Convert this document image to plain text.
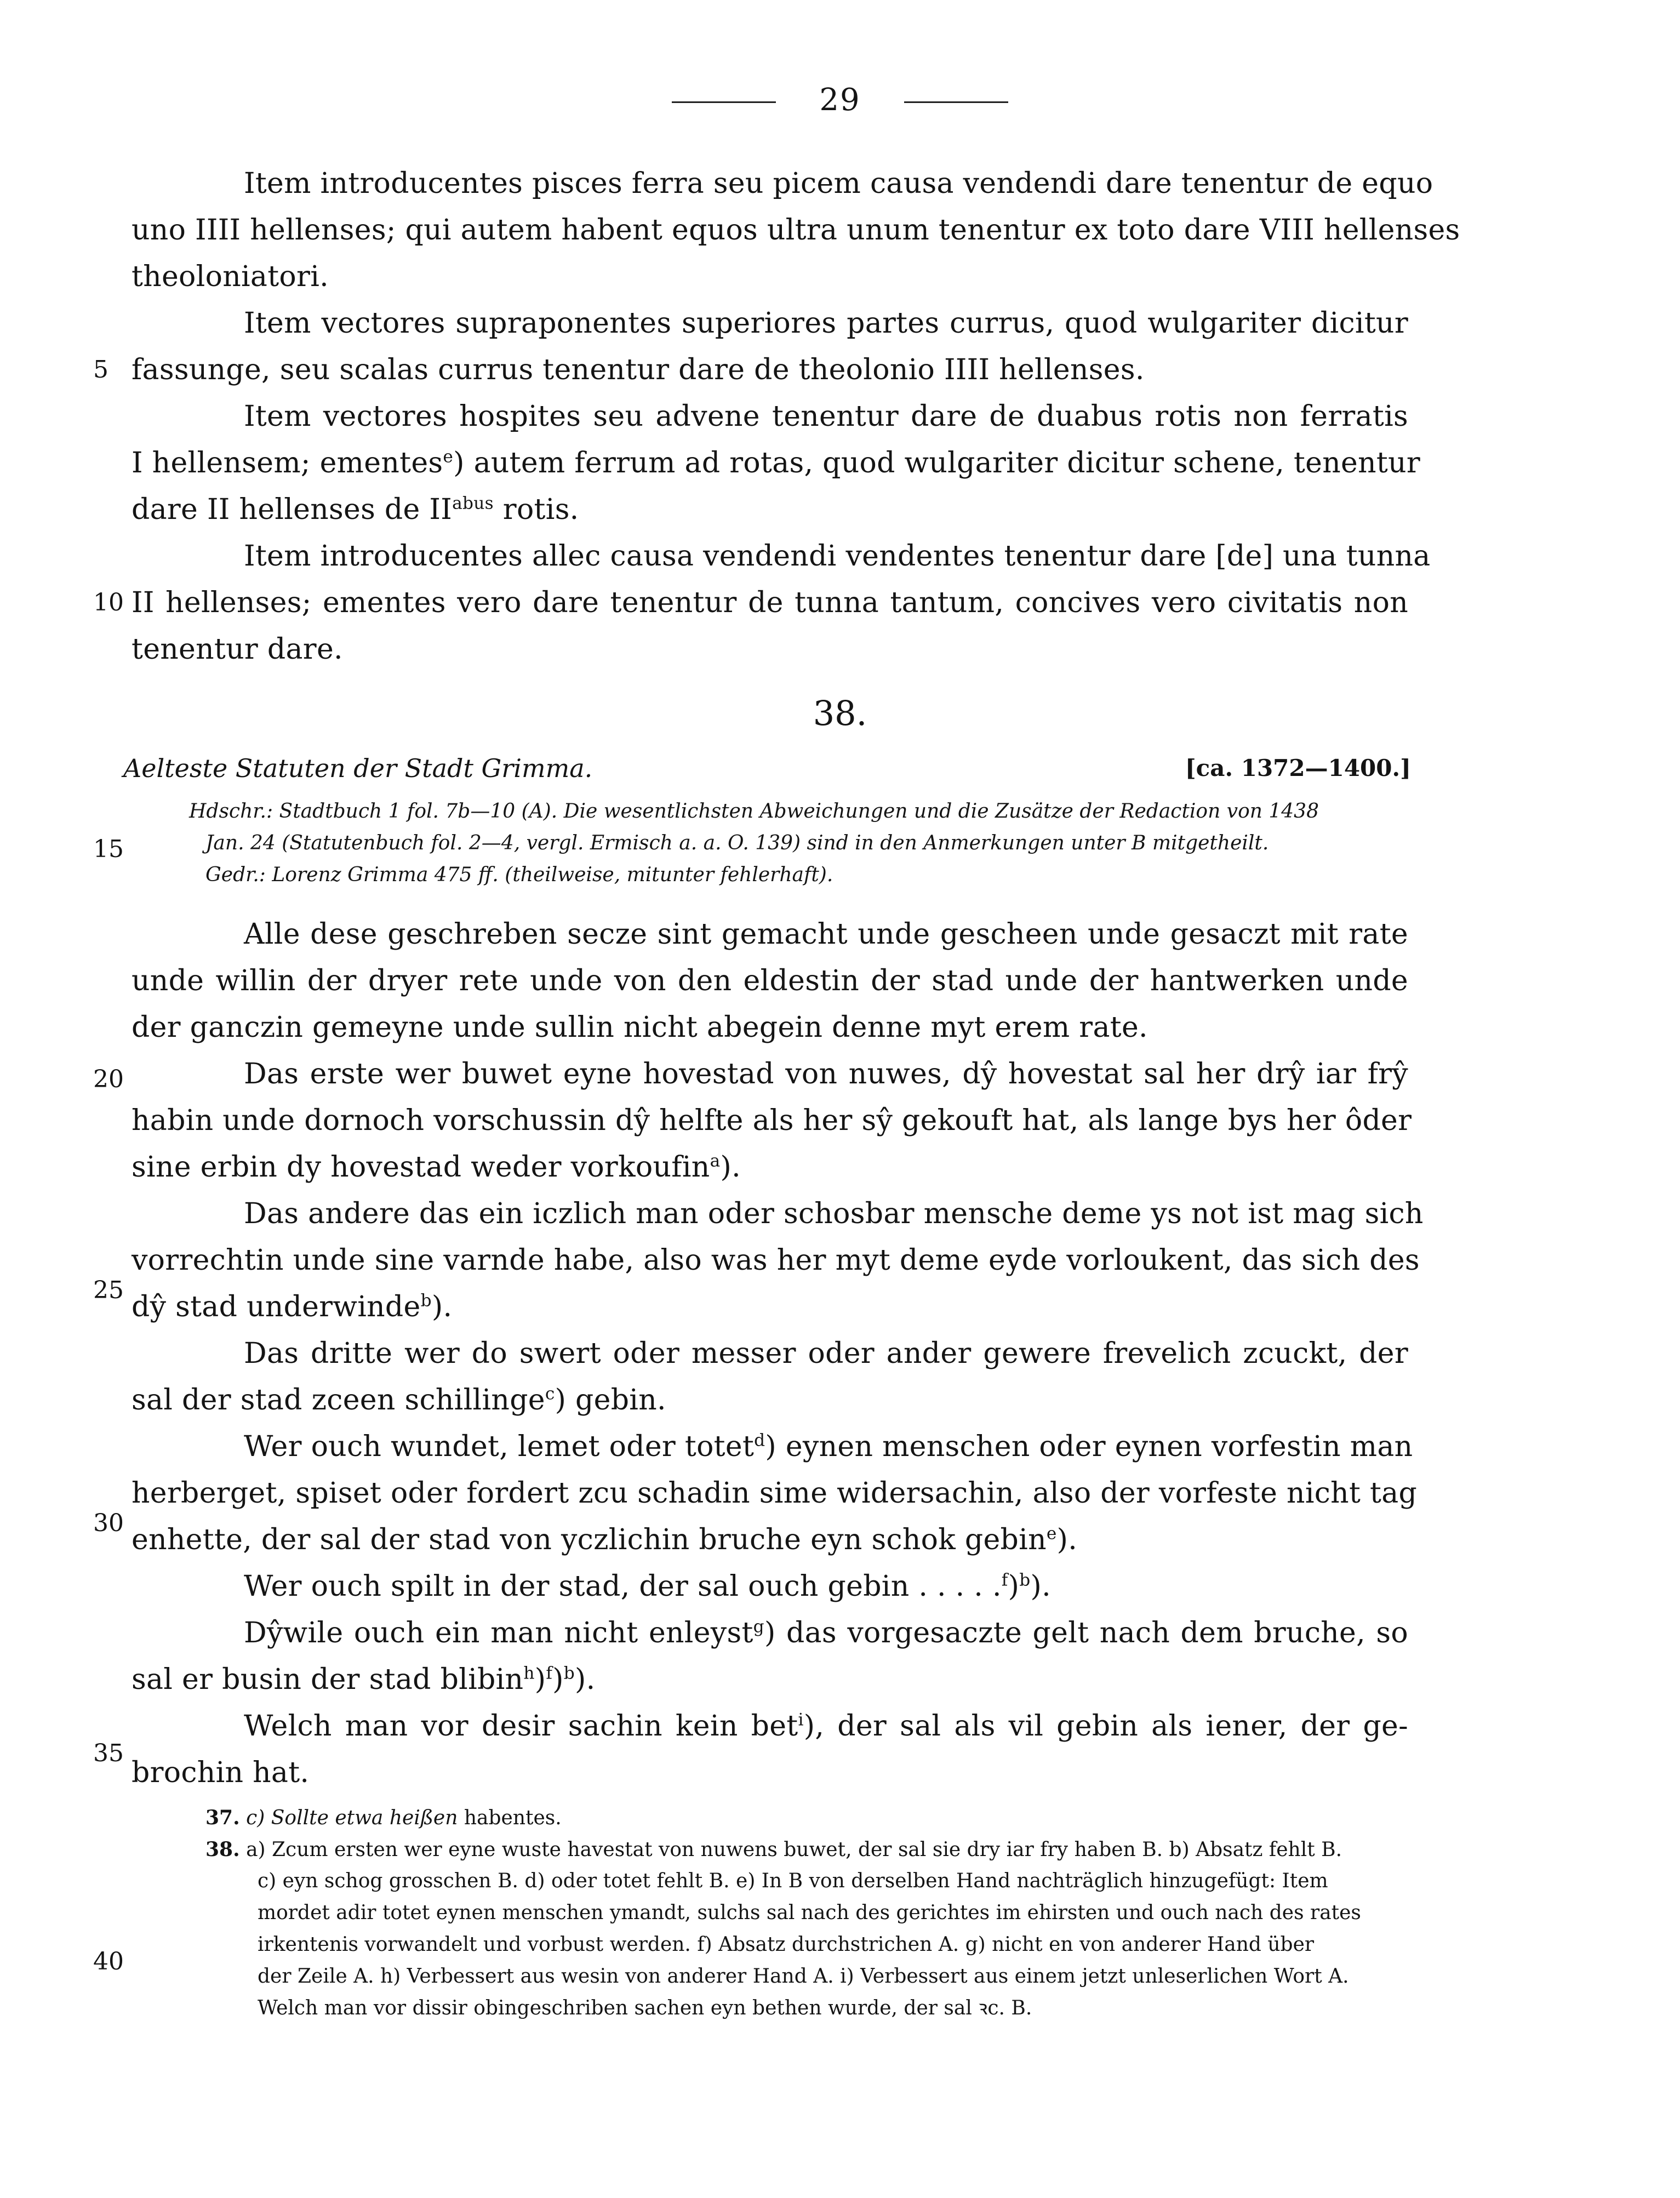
29
Item introducentes pisces ferra seu picem causa vendendi dare tenentur de equo
uno IIII hellenses; qui autem habent equos ultra unum tenentur ex toto dare VIII hellenses
theoloniatori.
Item vectores supraponentes superiores partes currus, quod wulgariter dicitur
fassunge, seu scalas currus tenentur dare de theolonio IIII hellenses.
Item vectores hospites seu advene tenentur dare de duabus rotis non ferratis
I hellensem; ementes$^e$) autem ferrum ad rotas, quod wulgariter dicitur schene, tenentur
dare II hellenses de $II^{abus}$ rotis.
Item introducentes allec causa vendendi vendentes tenentur dare [de] una tunna
II hellenses; ementes vero dare tenentur de tunna tantum, concives vero civitatis non
tenentur dare.
5
10
15
20
25
30
35
40
38.
Aelteste Statuten der Stadt Grimma.	[ca. 1372—1400.]
Hdschr.: Stadtbuch 1 fol. 7b—10 (A). Die wesentlichsten Abweichungen und die Zusätze der Redaction von 1438
Jan. 24 (Statutenbuch fol. 2—4, vergl. Ermisch a. a. O. 139) sind in den Anmerkungen unter B mitgetheilt.
Gedr.: Lorenz Grimma 475 ff. (theilweise, mitunter fehlerhaft).
Alle dese geschreben secze sint gemacht unde gescheen unde gesaczt mit rate
unde willin der dryer rete unde von den eldestin der stad unde der hantwerken unde
der ganczin gemeyne unde sullin nicht abegein denne myt erem rate.
Das erste wer buwet eyne hovestad von nuwes, dŷ hovestat sal her drŷ iar frŷ
habin unde dornoch vorschussin dŷ helfte als her sŷ gekouft hat, als lange bys her ôder
sine erbin dy hovestad weder vorkoufin$^a$).
Das andere das ein iczlich man oder schosbar mensche deme ys not ist mag sich
vorrechtin unde sine varnde habe, also was her myt deme eyde vorloukent, das sich des
dŷ stad underwinde$^b$).
Das dritte wer do swert oder messer oder ander gewere frevelich zcuckt, der
sal der stad zceen schillinge$^c$) gebin.
Wer ouch wundet, lemet oder totet$^d$) eynen menschen oder eynen vorfestin man
herberget, spiset oder fordert zcu schadin sime widersachin, also der vorfeste nicht tag
enhette, der sal der stad von yczlichin bruche eyn schok gebin$^e$).
Wer ouch spilt in der stad, der sal ouch gebin . . . . .$^f$)$^b$).
Dŷwile ouch ein man nicht enleyst$^g$) das vorgesaczte gelt nach dem bruche, so
sal er busin der stad blibin$^h$)$^f$)$^b$).
Welch man vor desir sachin kein bet$^i$), der sal als vil gebin als iener, der ge-
brochin hat.
37. c) Sollte etwa heißen habentes.
38. a) Zcum ersten wer eyne wuste havestat von nuwens buwet, der sal sie dry iar fry haben B. b) Absatz fehlt B.
c) eyn schog grosschen B. d) oder totet fehlt B. e) In B von derselben Hand nachträglich hinzugefügt: Item
mordet adir totet eynen menschen ymandt, sulchs sal nach des gerichtes im ehirsten und ouch nach des rates
irkentenis vorwandelt und vorbust werden. f) Absatz durchstrichen A. g) nicht en von anderer Hand über
der Zeile A. h) Verbessert aus wesin von anderer Hand A. i) Verbessert aus einem jetzt unleserlichen Wort A.
Welch man vor dissir obingeschriben sachen eyn bethen wurde, der sal ꝛc. B.
